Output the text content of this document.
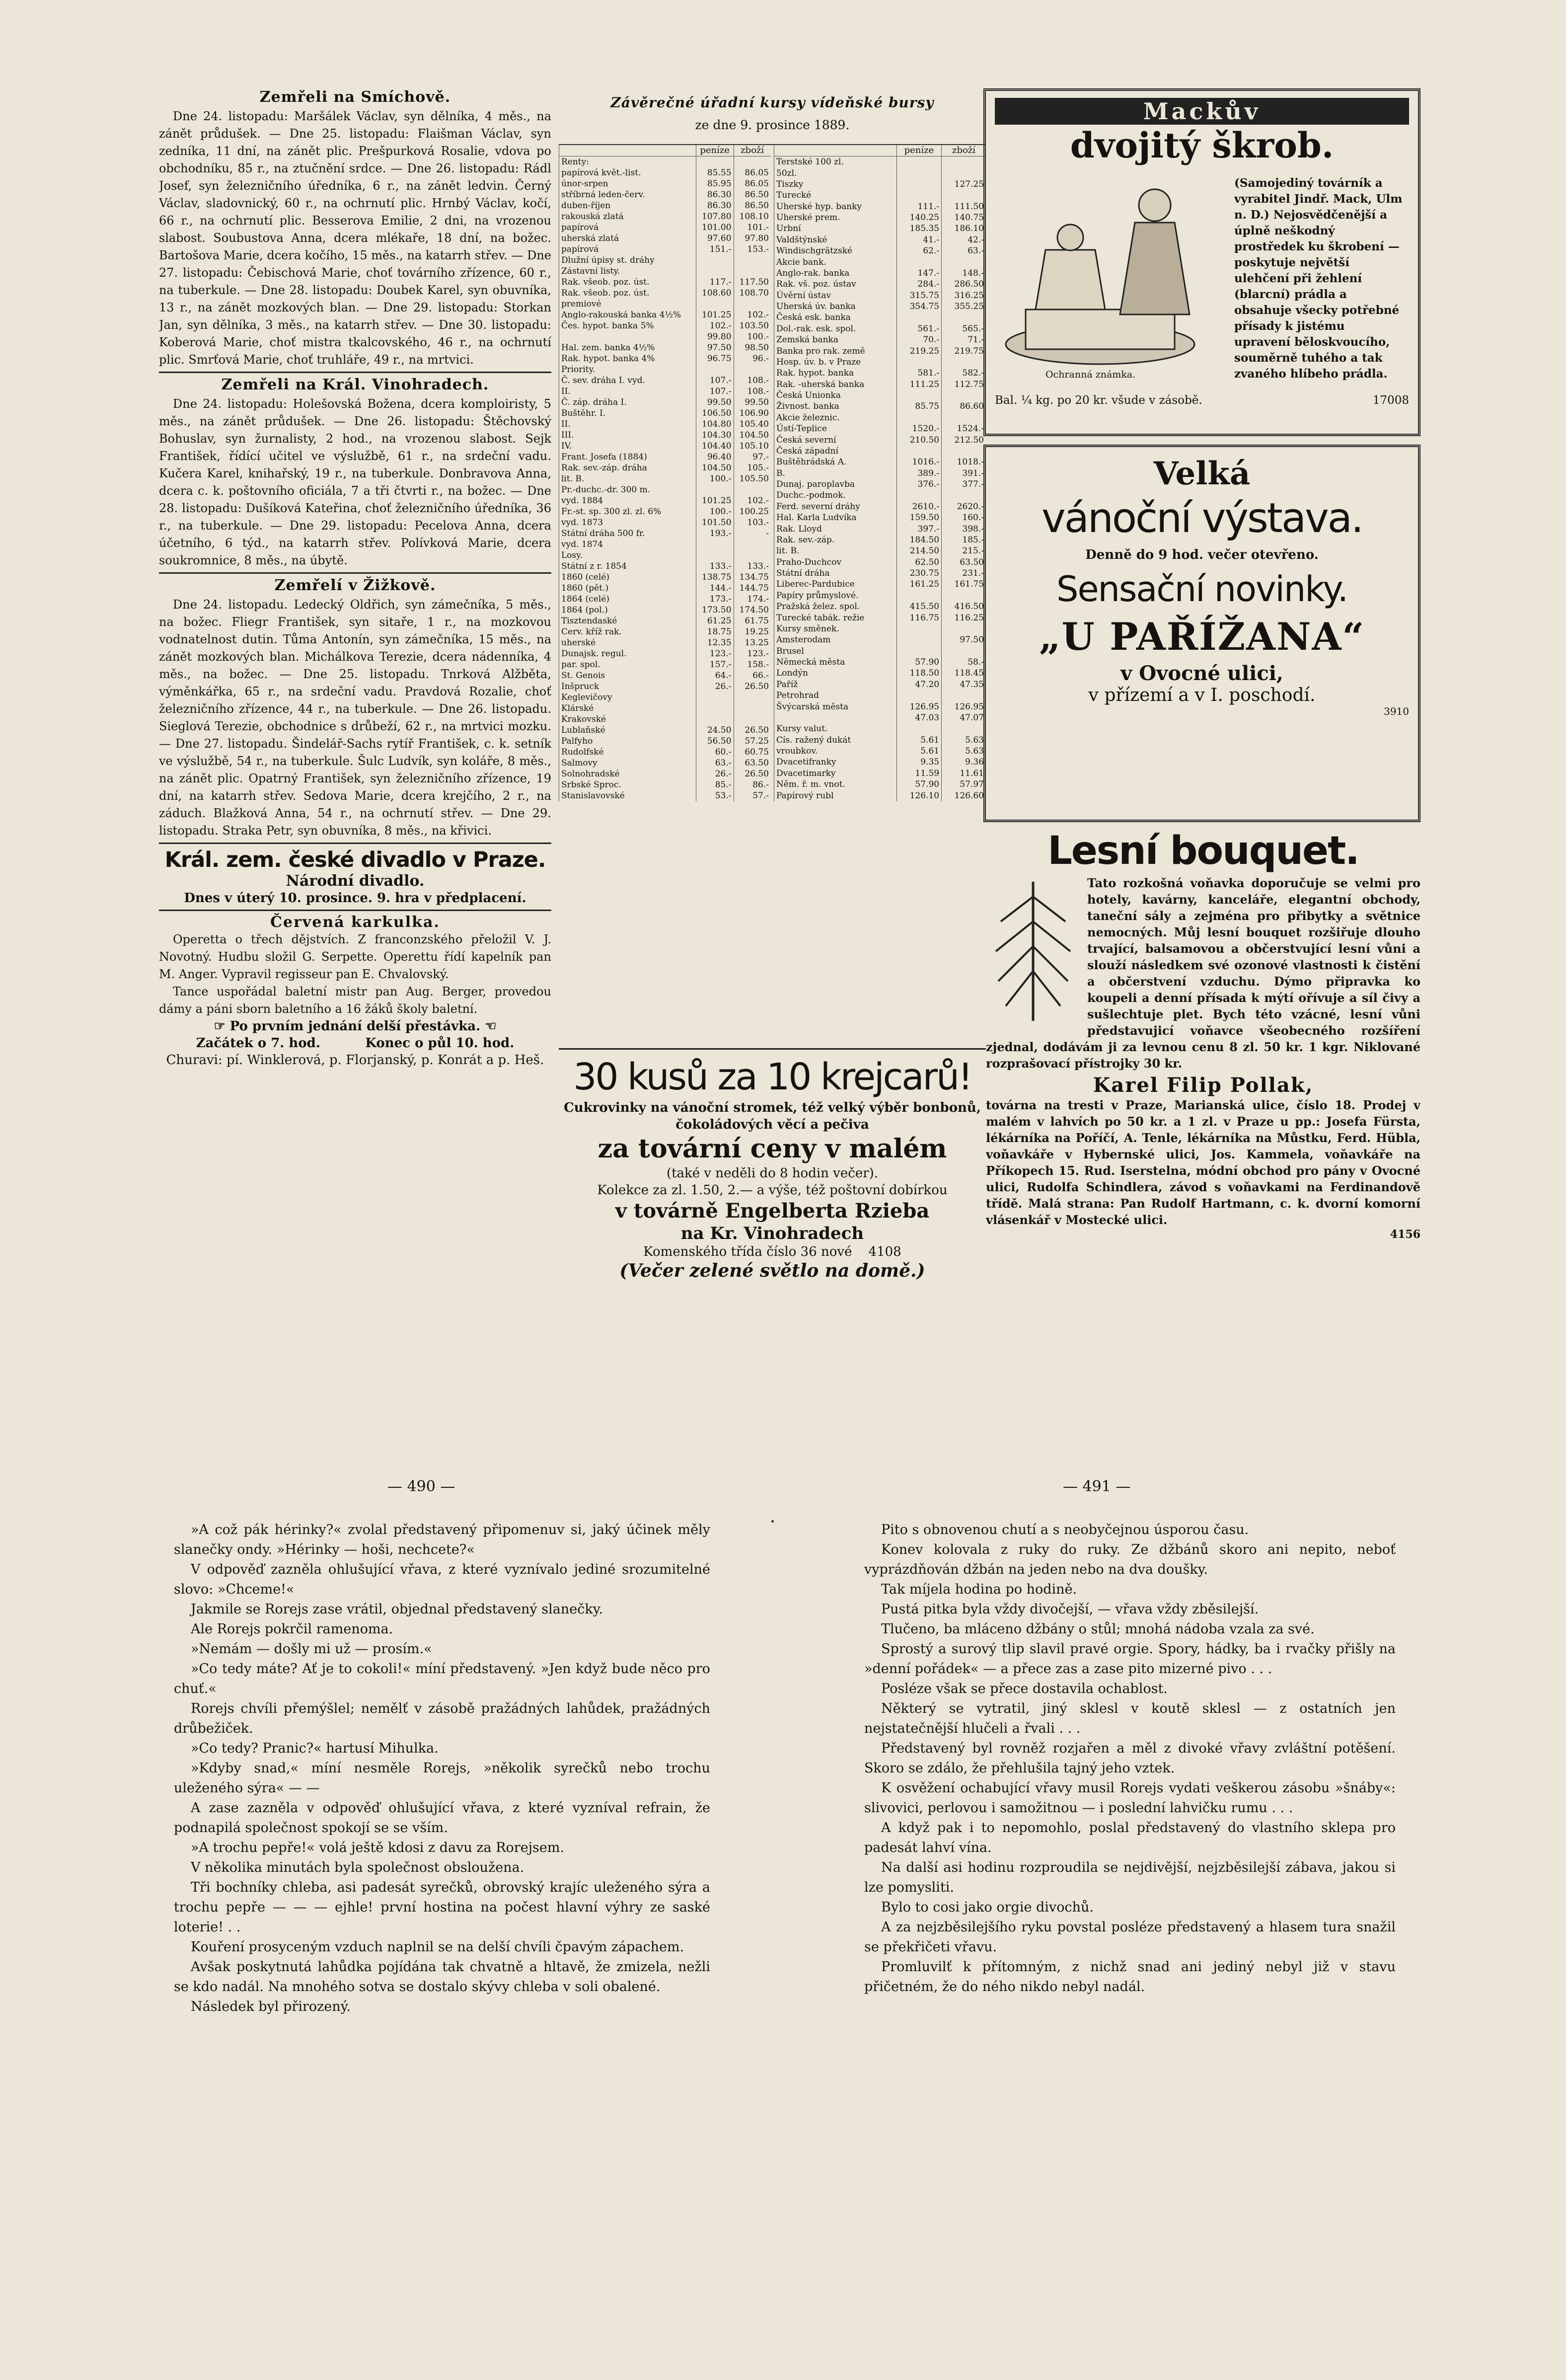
Zemřeli na Smíchově.

Dne 24. listopadu: Maršálek Václav, syn dělníka, 4 měs., na zánět průdušek. — Dne 25. listopadu: Flaišman Václav, syn zedníka, 11 dní, na zánět plic. Prešpurková Rosalie, vdova po obchodníku, 85 r., na ztučnění srdce. — Dne 26. listopadu: Rádl Josef, syn železničního úředníka, 6 r., na zánět ledvin. Černý Václav, sladovnický, 60 r., na ochrnutí plic. Hrnbý Václav, kočí, 66 r., na ochrnutí plic. Besserova Emilie, 2 dni, na vrozenou slabost. Soubustova Anna, dcera mlékaře, 18 dní, na božec. Bartošova Marie, dcera kočího, 15 měs., na katarrh střev. — Dne 27. listopadu: Čebischová Marie, choť továrního zřízence, 60 r., na tuberkule. — Dne 28. listopadu: Doubek Karel, syn obuvníka, 13 r., na zánět mozkových blan. — Dne 29. listopadu: Storkan Jan, syn dělníka, 3 měs., na katarrh střev. — Dne 30. listopadu: Koberová Marie, choť mistra tkalcovského, 46 r., na ochrnutí plic. Smrťová Marie, choť truhláře, 49 r., na mrtvici.

Zemřeli na Král. Vinohradech.

Dne 24. listopadu: Holešovská Božena, dcera komploiristy, 5 měs., na zánět průdušek. — Dne 26. listopadu: Štěchovský Bohuslav, syn žurnalisty, 2 hod., na vrozenou slabost. Sejk František, řídící učitel ve výslužbě, 61 r., na srdeční vadu. Kučera Karel, knihařský, 19 r., na tuberkule. Donbravova Anna, dcera c. k. poštovního oficiála, 7 a tři čtvrti r., na božec. — Dne 28. listopadu: Dušíková Kateřina, choť železničního úředníka, 36 r., na tuberkule. — Dne 29. listopadu: Pecelova Anna, dcera účetního, 6 týd., na katarrh střev. Polívková Marie, dcera soukromnice, 8 měs., na úbytě.

Zemřelí v Žižkově.

Dne 24. listopadu. Ledecký Oldřich, syn zámečníka, 5 měs., na božec. Fliegr František, syn sitaře, 1 r., na mozkovou vodnatelnost dutin. Tůma Antonín, syn zámečníka, 15 měs., na zánět mozkových blan. Michálkova Terezie, dcera nádenníka, 4 měs., na božec. — Dne 25. listopadu. Tnrková Alžběta, výměnkářka, 65 r., na srdeční vadu. Pravdová Rozalie, choť železničního zřízence, 44 r., na tuberkule. — Dne 26. listopadu. Sieglová Terezie, obchodnice s drůbeží, 62 r., na mrtvici mozku. — Dne 27. listopadu. Šindelář-Sachs rytíř František, c. k. setník ve výslužbě, 54 r., na tuberkule. Šulc Ludvík, syn koláře, 8 měs., na zánět plic. Opatrný František, syn železničního zřízence, 19 dní, na katarrh střev. Sedova Marie, dcera krejčího, 2 r., na záduch. Blažková Anna, 54 r., na ochrnutí střev. — Dne 29. listopadu. Straka Petr, syn obuvníka, 8 měs., na křivici.

Král. zem. české divadlo v Praze.
Národní divadlo.
Dnes v úterý 10. prosince. 9. hra v předplacení.
Červená karkulka.

Operetta o třech dějstvích. Z franconzského přeložil V. J. Novotný. Hudbu složil G. Serpette. Operettu řídí kapelník pan M. Anger. Vypravil regisseur pan E. Chvalovský.

Tance uspořádal baletní mistr pan Aug. Berger, provedou dámy a páni sborn baletního a 16 žáků školy baletní.

☞ Po prvním jednání delší přestávka. ☜
Začátek o 7. hod.          Konec o půl 10. hod.
Churavi: pí. Winklerová, p. Florjanský, p. Konrát a p. Heš.
Závěrečné úřadní kursy vídeňské bursy
ze dne 9. prosince 1889.
	peníze	zboží
Renty:		
papírová květ.-list.	85.55	86.05
únor-srpen	85.95	86.05
stříbrná leden-červ.	86.30	86.50
duben-říjen	86.30	86.50
rakouská zlatá	107.80	108.10
papírová	101.00	101.-
uherská zlatá	97.60	97.80
papírová	151.-	153.-
Dlužní úpisy st. dráhy		
Zástavní listy.		
Rak. všeob. poz. úst.	117.-	117.50
Rak. všeob. poz. úst.	108.60	108.70
premiové		
Anglo-rakouská banka 4½%	101.25	102.-
Čes. hypot. banka 5%	102.-	103.50
	99.80	100.-
Hal. zem. banka 4½%	97.50	98.50
Rak. hypot. banka 4%	96.75	96.-
Priority.		
Č. sev. dráha I. vyd.	107.-	108.-
II.	107.-	108.-
Č. záp. dráha I.	99.50	99.50
Buštěhr. I.	106.50	106.90
II.	104.80	105.40
III.	104.30	104.50
IV.	104.40	105.10
Frant. Josefa (1884)	96.40	97.-
Rak. sev.-záp. dráha	104.50	105.-
lit. B.	100.-	105.50
Pr.-duchc.-dr. 300 m.		
vyd. 1884	101.25	102.-
Fr.-st. sp. 300 zl. zl. 6%	100.-	100.25
vyd. 1873	101.50	103.-
Státní dráha 500 fr.	193.-	-
vyd. 1874		
Losy.		
Státní z r. 1854	133.-	133.-
1860 (celé)	138.75	134.75
1860 (pět.)	144.-	144.75
1864 (celé)	173.-	174.-
1864 (pol.)	173.50	174.50
Tisztendaské	61.25	61.75
Cerv. kříž rak.	18.75	19.25
uherské	12.35	13.25
Dunajsk. regul.	123.-	123.-
par. spol.	157.-	158.-
St. Genois	64.-	66.-
Inšpruck	26.-	26.50
Keglevičovy		
Klárské		
Krakovské		
Lublaňské	24.50	26.50
Palfyho	56.50	57.25
Rudolfské	60.-	60.75
Salmovy	63.-	63.50
Solnohradské	26.-	26.50
Srbské Sproc.	85.-	86.-
Stanislavovské	53.-	57.-
	peníze	zboží
Terstské 100 zl.		
50zl.		
Tiszky		127.25
Turecké		
Uherské hyp. banky	111.-	111.50
Uherské prem.	140.25	140.75
Urbní	185.35	186.10
Valdštýnské	41.-	42.-
Windischgrätzské	62.-	63.-
Akcie bank.		
Anglo-rak. banka	147.-	148.-
Rak. vš. poz. ústav	284.-	286.50
Úvěrní ústav	315.75	316.25
Uherská úv. banka	354.75	355.25
Česká esk. banka		
Dol.-rak. esk. spol.	561.-	565.-
Zemská banka	70.-	71.-
Banka pro rak. země	219.25	219.75
Hosp. úv. b. v Praze		
Rak. hypot. banka	581.-	582.-
Rak. -uherská banka	111.25	112.75
Česká Unionka		
Živnost. banka	85.75	86.60
Akcie železnic.		
Ústí-Teplice	1520.-	1524.-
Česká severní	210.50	212.50
Česká západní		
Buštěhrádská A.	1016.-	1018.-
B.	389.-	391.-
Dunaj. paroplavba	376.-	377.-
Duchc.-podmok.		
Ferd. severní dráhy	2610.-	2620.-
Hal. Karla Ludvíka	159.50	160.-
Rak. Lloyd	397.-	398.-
Rak. sev.-záp.	184.50	185.-
lit. B.	214.50	215.-
Praho-Duchcov	62.50	63.50
Státní dráha	230.75	231.-
Liberec-Pardubice	161.25	161.75
Papíry průmyslové.		
Pražská želez. spol.	415.50	416.50
Turecké tabák. režie	116.75	116.25
Kursy směnek.		
Amsterodam		97.50
Brusel		
Německá města	57.90	58.-
Londýn	118.50	118.45
Paříž	47.20	47.35
Petrohrad		
Švýcarská města	126.95	126.95
	47.03	47.07
Kursy valut.		
Cís. ražený dukát	5.61	5.63
vroubkov.	5.61	5.63
Dvacetifranky	9.35	9.36
Dvacetimarky	11.59	11.61
Něm. ř. m. vnot.	57.90	57.97
Papírový rubl	126.10	126.60
30 kusů za 10 krejcarů!
Cukrovinky na vánoční stromek, též velký výběr bonbonů, čokoládových věcí a pečiva
za tovární ceny v malém
(také v neděli do 8 hodin večer).
Kolekce za zl. 1.50, 2.— a výše, též poštovní dobírkou
v továrně Engelberta Rzieba
na Kr. Vinohradech
Komenského třída číslo 36 nové 4108
(Večer zelené světlo na domě.)
Mackův
dvojitý škrob.
(Samojediný továrník a vyrabitel Jindř. Mack, Ulm n. D.) Nejosvědčenější a úplně neškodný prostředek ku škrobení — poskytuje největší ulehčení při žehlení (blarcní) prádla a obsahuje všecky potřebné přísady k jistému upravení běloskvoucího, souměrně tuhého a tak zvaného hlíbeho prádla.
Ochranná známka.
Bal. ¼ kg. po 20 kr. všude v zásobě.	17008
Velká
vánoční výstava.
Denně do 9 hod. večer otevřeno.
Sensační novinky.
„U PAŘÍŽANA“
v Ovocné ulici,
v přízemí a v I. poschodí.
3910
Lesní bouquet.

Tato rozkošná voňavka doporučuje se velmi pro hotely, kavárny, kanceláře, elegantní obchody, taneční sály a zejména pro přibytky a světnice nemocných. Můj lesní bouquet rozšiřuje dlouho trvající, balsamovou a občerstvující lesní vůni a slouží následkem své ozonové vlastnosti k čistění a občerstvení vzduchu. Dýmo připravka ko koupeli a denní přísada k mýtí ořívuje a síl čivy a sušlechtuje plet. Bych této vzácné, lesní vůni představujicí voňavce všeobecného rozšíření zjednal, dodávám ji za levnou cenu 8 zl. 50 kr. 1 kgr. Niklované rozprašovací přístrojky 30 kr.

Karel Filip Pollak,

továrna na tresti v Praze, Marianská ulice, číslo 18. Prodej v malém v lahvích po 50 kr. a 1 zl. v Praze u pp.: Josefa Fürsta, lékárníka na Poříčí, A. Tenle, lékárníka na Můstku, Ferd. Hübla, voňavkáře v Hybernské ulici, Jos. Kammela, voňavkáře na Příkopech 15. Rud. Iserstelna, módní obchod pro pány v Ovocné ulici, Rudolfa Schindlera, závod s voňavkami na Ferdinandově třídě. Malá strana: Pan Rudolf Hartmann, c. k. dvorní komorní vlásenkář v Mostecké ulici.

4156
— 490 —	— 491 —

»A což pák hérinky?« zvolal představený připomenuv si, jaký účinek měly slanečky ondy. »Hérinky — hoši, nechcete?«

V odpověď zazněla ohlušující vřava, z které vyznívalo jediné srozumitelné slovo: »Chceme!«

Jakmile se Rorejs zase vrátil, objednal představený slanečky.

Ale Rorejs pokrčil ramenoma.

»Nemám — došly mi už — prosím.«

»Co tedy máte? Ať je to cokoli!« míní představený. »Jen když bude něco pro chuť.«

Rorejs chvíli přemýšlel; nemělť v zásobě pražádných lahůdek, pražádných drůbežiček.

»Co tedy? Pranic?« hartusí Mihulka.

»Kdyby snad,« míní nesměle Rorejs, »několik syrečků nebo trochu uleženého sýra« — —

A zase zazněla v odpověď ohlušující vřava, z které vyzníval refrain, že podnapilá společnost spokojí se se vším.

»A trochu pepře!« volá ještě kdosi z davu za Rorejsem.

V několika minutách byla společnost obsloužena.

Tři bochníky chleba, asi padesát syrečků, obrovský krajíc uleženého sýra a trochu pepře — — — ejhle! první hostina na počest hlavní výhry ze saské loterie! . .

Kouření prosyceným vzduch naplnil se na delší chvíli čpavým zápachem.

Avšak poskytnutá lahůdka pojídána tak chvatně a hltavě, že zmizela, nežli se kdo nadál. Na mnohého sotva se dostalo skývy chleba v soli obalené.

Následek byl přirozený.

Pito s obnovenou chutí a s neobyčejnou úsporou času.

Konev kolovala z ruky do ruky. Ze džbánů skoro ani nepito, neboť vyprázdňován džbán na jeden nebo na dva doušky.

Tak míjela hodina po hodině.

Pustá pitka byla vždy divočejší, — vřava vždy zběsilejší.

Tlučeno, ba mláceno džbány o stůl; mnohá nádoba vzala za své.

Sprostý a surový tlip slavil pravé orgie. Spory, hádky, ba i rvačky přišly na »denní pořádek« — a přece zas a zase pito mizerné pivo . . .

Posléze však se přece dostavila ochablost.

Některý se vytratil, jiný sklesl v koutě sklesl — z ostatních jen nejstatečnější hlučeli a řvali . . .

Představený byl rovněž rozjařen a měl z divoké vřavy zvláštní potěšení. Skoro se zdálo, že přehlušila tajný jeho vztek.

K osvěžení ochabující vřavy musil Rorejs vydati veškerou zásobu »šnáby«: slivovici, perlovou i samožitnou — i poslední lahvičku rumu . . .

A když pak i to nepomohlo, poslal představený do vlastního sklepa pro padesát lahví vína.

Na další asi hodinu rozproudila se nejdivější, nejzběsilejší zábava, jakou si lze pomysliti.

Bylo to cosi jako orgie divochů.

A za nejzběsilejšího ryku povstal posléze představený a hlasem tura snažil se překřičeti vřavu.

Promluvilť k přítomným, z nichž snad ani jediný nebyl již v stavu přičetném, že do ného nikdo nebyl nadál.
